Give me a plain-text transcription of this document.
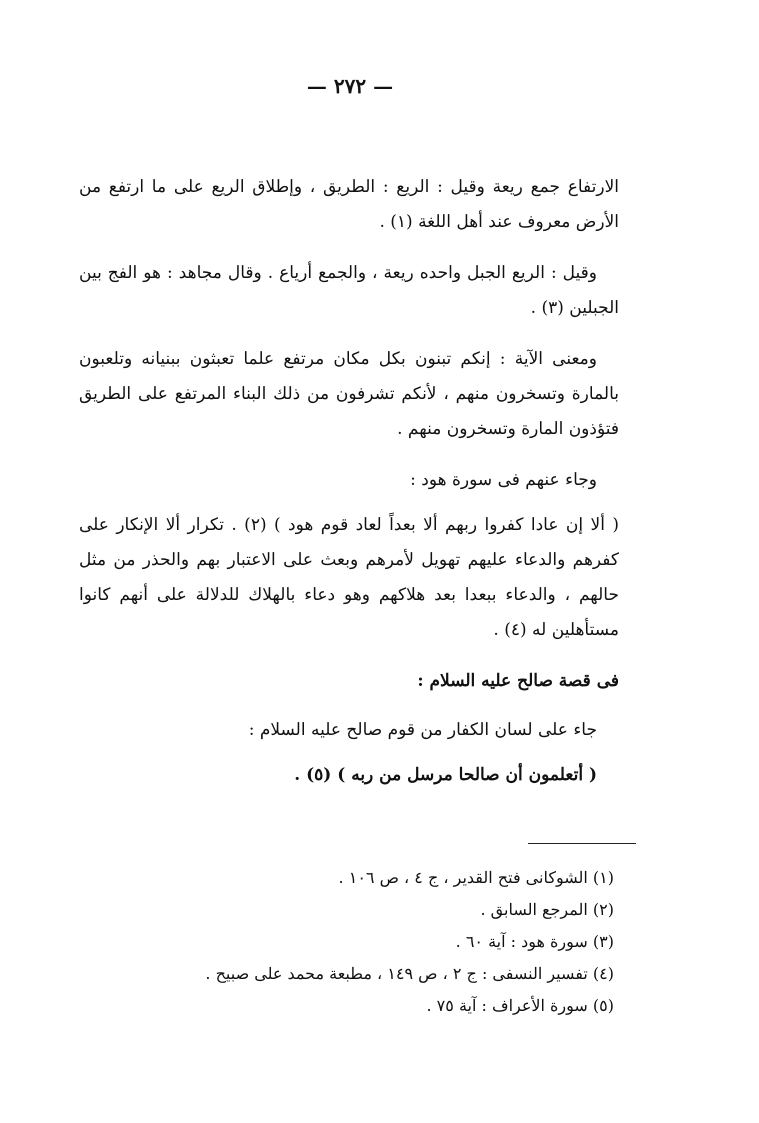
— ٢٧٢ —

الارتفاع جمع ريعة وقيل : الريع : الطريق ، وإطلاق الريع على ما ارتفع من الأرض معروف عند أهل اللغة (١) .

وقيل : الريع الجبل واحده ريعة ، والجمع أرياع . وقال مجاهد : هو الفج بين الجبلين (٣) .

ومعنى الآية : إنكم تبنون بكل مكان مرتفع علما تعبثون ببنيانه وتلعبون بالمارة وتسخرون منهم ، لأنكم تشرفون من ذلك البناء المرتفع على الطريق فتؤذون المارة وتسخرون منهم .

وجاء عنهم فى سورة هود :

( ألا إن عادا كفروا ربهم ألا بعداً لعاد قوم هود ) (٢) . تكرار ألا الإنكار على كفرهم والدعاء عليهم تهويل لأمرهم وبعث على الاعتبار بهم والحذر من مثل حالهم ، والدعاء ببعدا بعد هلاكهم وهو دعاء بالهلاك للدلالة على أنهم كانوا مستأهلين له (٤) .

فى قصة صالح عليه السلام :

جاء على لسان الكفار من قوم صالح عليه السلام :

( أتعلمون أن صالحا مرسل من ربه ) (٥) .

(١) الشوكانى فتح القدير ، ج ٤ ، ص ١٠٦ .
(٢) المرجع السابق .
(٣) سورة هود : آية ٦٠ .
(٤) تفسير النسفى : ج ٢ ، ص ١٤٩ ، مطبعة محمد على صبيح .
(٥) سورة الأعراف : آية ٧٥ .
